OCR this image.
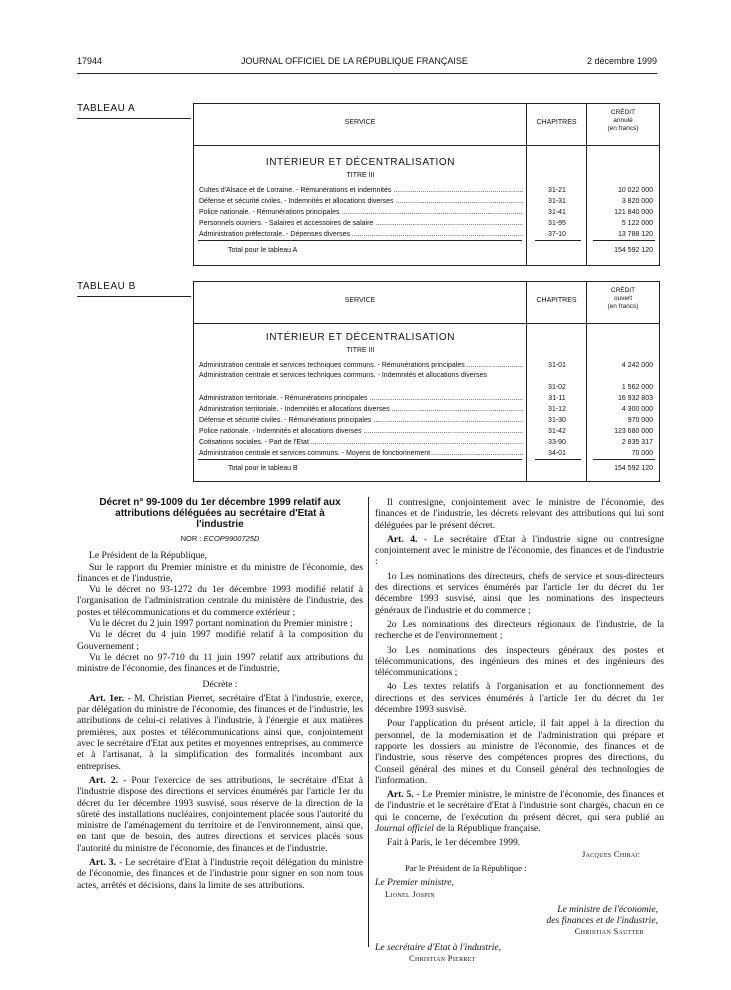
17944	JOURNAL OFFICIEL DE LA RÉPUBLIQUE FRANÇAISE	2 décembre 1999
TABLEAU A
SERVICE	CHAPITRES
CRÉDIT
annulé
(en francs)
INTÉRIEUR ET DÉCENTRALISATION
TITRE III
Cultes d'Alsace et de Lorraine. - Rémunérations et indemnités .....	31-21	10 022 000
Défense et sécurité civiles. - Indemnités et allocations diverses .....	31-31	3 820 000
Police nationale. - Rémunérations principales .....	31-41	121 840 000
Personnels ouvriers. - Salaires et accessoires de salaire .....	31-95	5 122 000
Administration préfectorale. - Dépenses diverses .....	37-10	13 788 120
Total pour le tableau A	154 592 120
TABLEAU B
SERVICE	CHAPITRES
CRÉDIT
ouvert
(en francs)
INTÉRIEUR ET DÉCENTRALISATION
TITRE III
Administration centrale et services techniques communs. - Rémunérations principales .....	31-01	4 242 000
Administration centrale et services techniques communs. - Indemnités et allocations diverses
31-02	1 562 000
Administration territoriale. - Rémunérations principales .....	31-11	16 932 803
Administration territoriale. - Indemnités et allocations diverses .....	31-12	4 300 000
Défense et sécurité civiles. - Rémunérations principales .....	31-30	970 000
Police nationale. - Indemnités et allocations diverses .....	31-42	123 680 000
Cotisations sociales. - Part de l'Etat .....	33-90	2 835 317
Administration centrale et services communs. - Moyens de fonctionnement .....	34-01	70 000
Total pour le tableau B	154 592 120
Décret n° 99-1009 du 1er décembre 1999 relatif aux attributions déléguées au secrétaire d'Etat à l'industrie
NOR : ECOP9900725D

Le Président de la République,

Sur le rapport du Premier ministre et du ministre de l'économie, des finances et de l'industrie,

Vu le décret no 93-1272 du 1er décembre 1993 modifié relatif à l'organisation de l'administration centrale du ministère de l'industrie, des postes et télécommunications et du commerce extérieur ;

Vu le décret du 2 juin 1997 portant nomination du Premier ministre ;

Vu le décret du 4 juin 1997 modifié relatif à la composition du Gouvernement ;

Vu le décret no 97-710 du 11 juin 1997 relatif aux attributions du ministre de l'économie, des finances et de l'industrie,

Décrète :

Art. 1er. - M. Christian Pierret, secrétaire d'Etat à l'industrie, exerce, par délégation du ministre de l'économie, des finances et de l'industrie, les attributions de celui-ci relatives à l'industrie, à l'énergie et aux matières premières, aux postes et télécommunications ainsi que, conjointement avec le secrétaire d'Etat aux petites et moyennes entreprises, au commerce et à l'artisanat, à la simplification des formalités incombant aux entreprises.

Art. 2. - Pour l'exercice de ses attributions, le secrétaire d'Etat à l'industrie dispose des directions et services énumérés par l'article 1er du décret du 1er décembre 1993 susvisé, sous réserve de la direction de la sûreté des installations nucléaires, conjointement placée sous l'autorité du ministre de l'aménagement du territoire et de l'environnement, ainsi que, en tant que de besoin, des autres directions et services placés sous l'autorité du ministre de l'économie, des finances et de l'industrie.

Art. 3. - Le secrétaire d'Etat à l'industrie reçoit délégation du ministre de l'économie, des finances et de l'industrie pour signer en son nom tous actes, arrêtés et décisions, dans la limite de ses attributions.

Il contresigne, conjointement avec le ministre de l'économie, des finances et de l'industrie, les décrets relevant des attributions qui lui sont déléguées par le présent décret.

Art. 4. - Le secrétaire d'Etat à l'industrie signe ou contresigne conjointement avec le ministre de l'économie, des finances et de l'industrie :

1o Les nominations des directeurs, chefs de service et sous-directeurs des directions et services énumérés par l'article 1er du décret du 1er décembre 1993 susvisé, ainsi que les nominations des inspecteurs généraux de l'industrie et du commerce ;

2o Les nominations des directeurs régionaux de l'industrie, de la recherche et de l'environnement ;

3o Les nominations des inspecteurs généraux des postes et télécommunications, des ingénieurs des mines et des ingénieurs des télécommunications ;

4o Les textes relatifs à l'organisation et au fonctionnement des directions et des services énumérés à l'article 1er du décret du 1er décembre 1993 susvisé.

Pour l'application du présent article, il fait appel à la direction du personnel, de la modernisation et de l'administration qui prépare et rapporte les dossiers au ministre de l'économie, des finances et de l'industrie, sous réserve des compétences propres des directions, du Conseil général des mines et du Conseil général des technologies de l'information.

Art. 5. - Le Premier ministre, le ministre de l'économie, des finances et de l'industrie et le secrétaire d'Etat à l'industrie sont chargés, chacun en ce qui le concerne, de l'exécution du présent décret, qui sera publié au Journal officiel de la République française.

Fait à Paris, le 1er décembre 1999.

Jacques Chirac

Par le Président de la République :

Le Premier ministre,

Lionel Jospin

Le ministre de l'économie,

des finances et de l'industrie,

Christian Sautter

Le secrétaire d'Etat à l'industrie,

Christian Pierret
